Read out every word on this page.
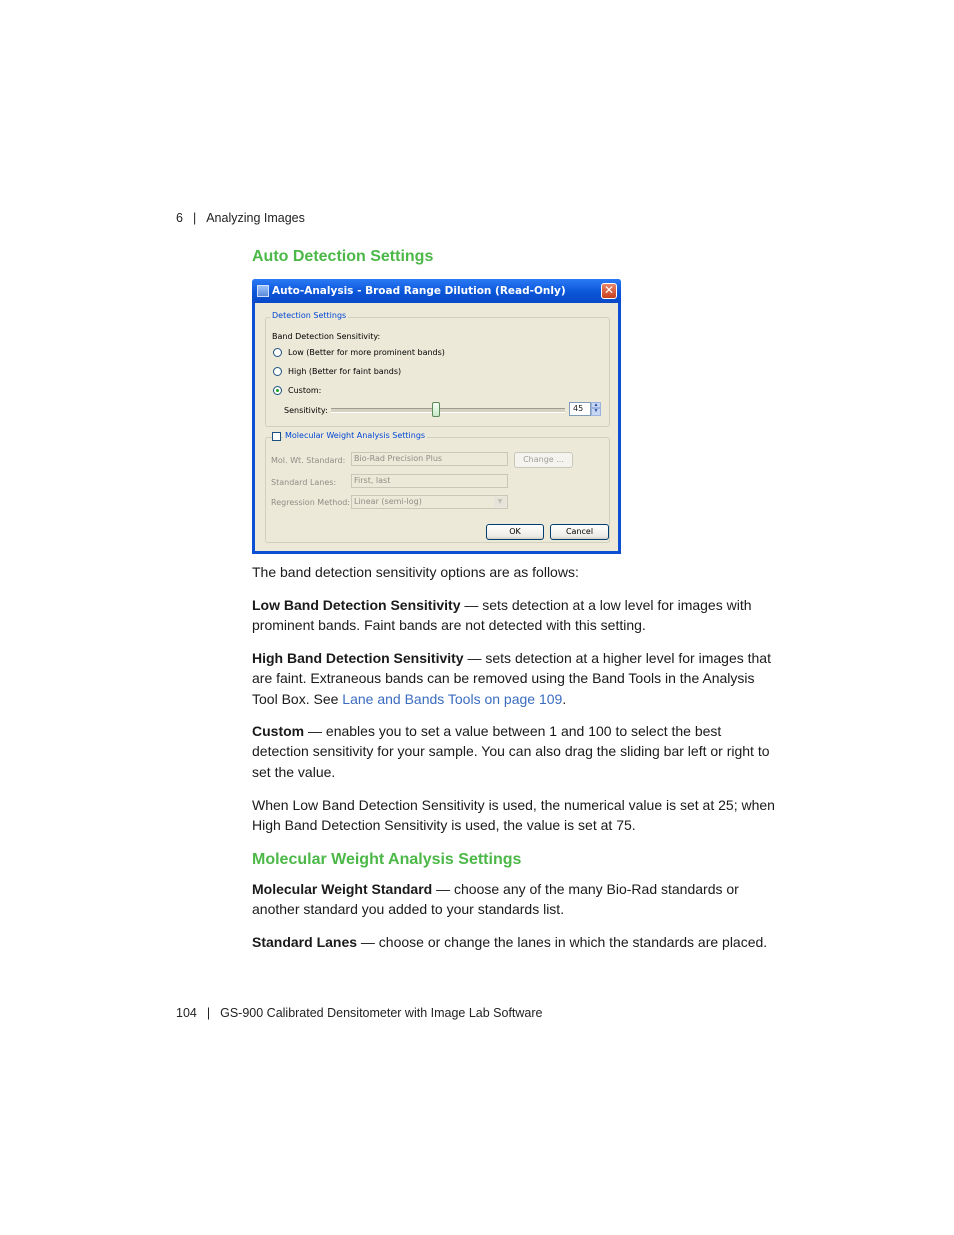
6 | Analyzing Images
Auto Detection Settings
Auto-Analysis - Broad Range Dilution (Read-Only)	✕
Detection Settings
Band Detection Sensitivity:
Low (Better for more prominent bands)
High (Better for faint bands)
Custom:
Sensitivity:	45	▲
▼
Molecular Weight Analysis Settings
Mol. Wt. Standard:	Bio-Rad Precision Plus	Change ...
Standard Lanes:	First, last
Regression Method: Linear (semi-log)	▼
OK	Cancel
The band detection sensitivity options are as follows:
Low Band Detection Sensitivity — sets detection at a low level for images with prominent bands. Faint bands are not detected with this setting.
High Band Detection Sensitivity — sets detection at a higher level for images that are faint. Extraneous bands can be removed using the Band Tools in the Analysis Tool Box. See Lane and Bands Tools on page 109.
Custom — enables you to set a value between 1 and 100 to select the best detection sensitivity for your sample. You can also drag the sliding bar left or right to set the value.
When Low Band Detection Sensitivity is used, the numerical value is set at 25; when High Band Detection Sensitivity is used, the value is set at 75.
Molecular Weight Analysis Settings
Molecular Weight Standard — choose any of the many Bio-Rad standards or another standard you added to your standards list.
Standard Lanes — choose or change the lanes in which the standards are placed.
104 | GS-900 Calibrated Densitometer with Image Lab Software
